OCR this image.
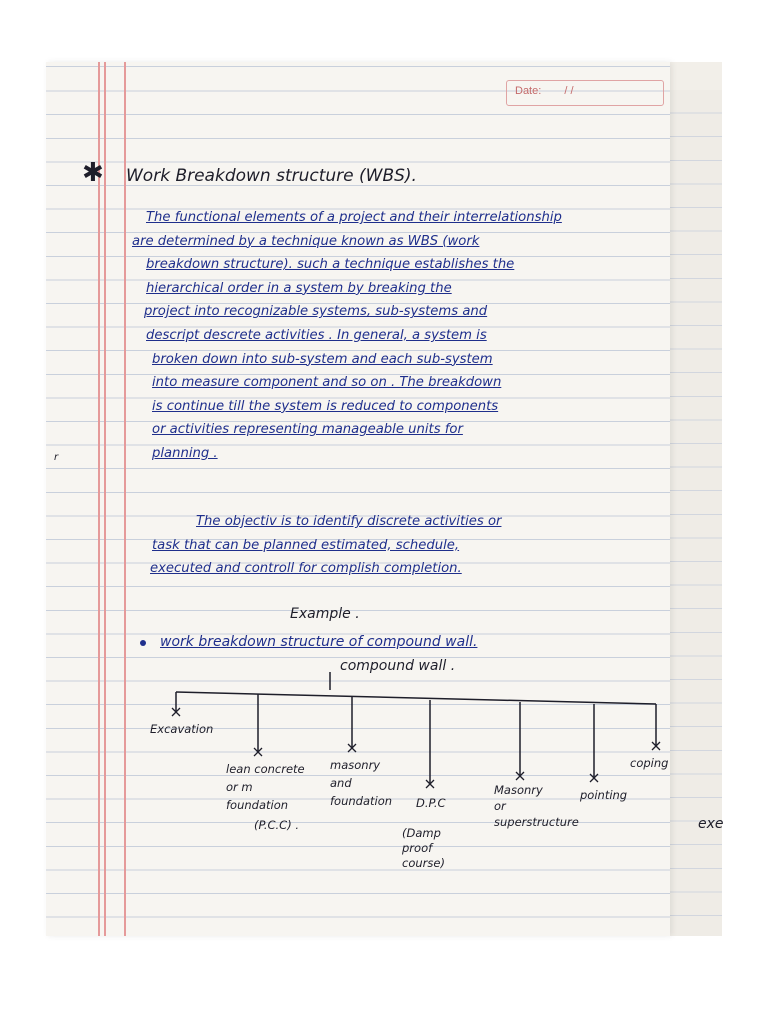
Date: / /
✱ Work Breakdown structure (WBS).
The functional elements of a project and their interrelationship
are determined by a technique known as WBS (work
breakdown structure). such a technique establishes the
hierarchical order in a system by breaking the
project into recognizable systems, sub-systems and
descript descrete activities . In general, a system is
broken down into sub-system and each sub-system
into measure component and so on . The breakdown
is continue till the system is reduced to components
or activities representing manageable units for
planning .
The objectiv is to identify discrete activities or
task that can be planned estimated, schedule,
executed and controll for complish completion.
Example .
work breakdown structure of compound wall.
compound wall .
Excavation
lean concrete
or m
foundation
masonry
and
foundation D.P.C
Masonry
or
superstructure
pointing
coping
(P.C.C) .
(Damp
proof
course)
exe
r
